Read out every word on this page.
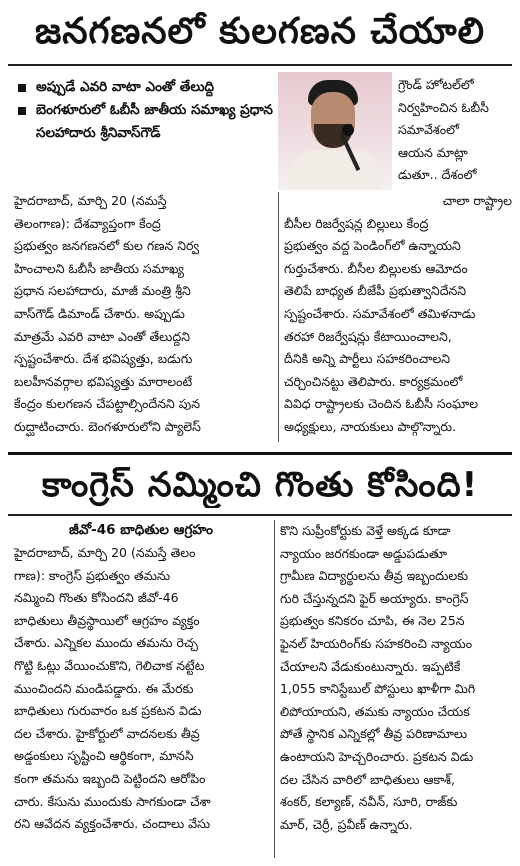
జనగణనలో కులగణన చేయాలి
అప్పుడే ఎవరి వాటా ఎంతో తేలుద్ది
బెంగళూరులో ఓబీసీ జాతీయ సమాఖ్య ప్రధాన సలహాదారు శ్రీనివాస్‌గౌడ్

గ్రౌండ్ హోటల్‌లో

నిర్వహించిన ఓబీసీ

సమావేశంలో

ఆయన మాట్లా

డుతూ.. దేశంలో

హైదరాబాద్, మార్చి 20 (నమస్తే

తెలంగాణ): దేశవ్యాప్తంగా కేంద్ర

ప్రభుత్వం జనగణనలో కుల గణన నిర్వ

హించాలని ఓబీసీ జాతీయ సమాఖ్య

ప్రధాన సలహాదారు, మాజీ మంత్రి శ్రీని

వాస్‌గౌడ్ డిమాండ్ చేశారు. అప్పుడు

మాత్రమే ఎవరి వాటా ఎంతో తేలుద్దని

స్పష్టంచేశారు. దేశ భవిష్యత్తు, బడుగు

బలహీనవర్గాల భవిష్యత్తు మారాలంటే

కేంద్రం కులగణన చేపట్టాల్సిందేనని పున

రుద్ఘాటించారు. బెంగళూరులోని ప్యాలెస్

చాలా రాష్ట్రాల

బీసీల రిజర్వేషన్ల బిల్లులు కేంద్ర

ప్రభుత్వం వద్ద పెండింగ్‌లో ఉన్నాయని

గుర్తుచేశారు. బీసీల బిల్లులకు ఆమోదం

తెలిపే బాధ్యత బీజేపీ ప్రభుత్వానిదేనని

స్పష్టంచేశారు. సమావేశంలో తమిళనాడు

తరహా రిజర్వేషన్లు కేటాయించాలని,

దీనికి అన్ని పార్టీలు సహకరించాలని

చర్చించినట్టు తెలిపారు. కార్యక్రమంలో

వివిధ రాష్ట్రాలకు చెందిన ఓబీసీ సంఘాల

అధ్యక్షులు, నాయకులు పాల్గొన్నారు.

కాంగ్రెస్ నమ్మించి గొంతు కోసింది!
జీవో-46 బాధితుల ఆగ్రహం

హైదరాబాద్, మార్చి 20 (నమస్తే తెలం

గాణ): కాంగ్రెస్ ప్రభుత్వం తమను

నమ్మించి గొంతు కోసిందని జీవో-46

బాధితులు తీవ్రస్థాయిలో ఆగ్రహం వ్యక్తం

చేశారు. ఎన్నికల ముందు తమను రెచ్చ

గొట్టి ఓట్లు వేయించుకొని, గెలిచాక నట్టేట

ముంచిందని మండిపడ్డారు. ఈ మేరకు

బాధితులు గురువారం ఒక ప్రకటన విడు

దల చేశారు. హైకోర్టులో వాదనలకు తీవ్ర

అడ్డంకులు సృష్టించి ఆర్థికంగా, మానసి

కంగా తమను ఇబ్బంది పెట్టిందని ఆరోపిం

చారు. కేసును ముందుకు సాగకుండా చేశా

రని ఆవేదన వ్యక్తంచేశారు. చందాలు వేసు

కొని సుప్రీంకోర్టుకు వెళ్తే అక్కడ కూడా

న్యాయం జరగకుండా అడ్డుపడుతూ

గ్రామీణ విద్యార్థులను తీవ్ర ఇబ్బందులకు

గురి చేస్తున్నదని ఫైర్ అయ్యారు. కాంగ్రెస్

ప్రభుత్వం కనికరం చూపి, ఈ నెల 25న

ఫైనల్ హియరింగ్‌కు సహకరించి న్యాయం

చేయాలని వేడుకుంటున్నారు. ఇప్పటికే

1,055 కానిస్టేబుల్ పోస్టులు ఖాళీగా మిగి

లిపోయాయని, తమకు న్యాయం చేయక

పోతే స్థానిక ఎన్నికల్లో తీవ్ర పరిణామాలు

ఉంటాయని హెచ్చరించారు. ప్రకటన విడు

దల చేసిన వారిలో బాధితులు ఆకాశ్,

శంకర్, కల్యాణ్, నవీన్, సూరి, రాజ్‌కు

మార్, చెర్రీ, ప్రవీణ్ ఉన్నారు.
